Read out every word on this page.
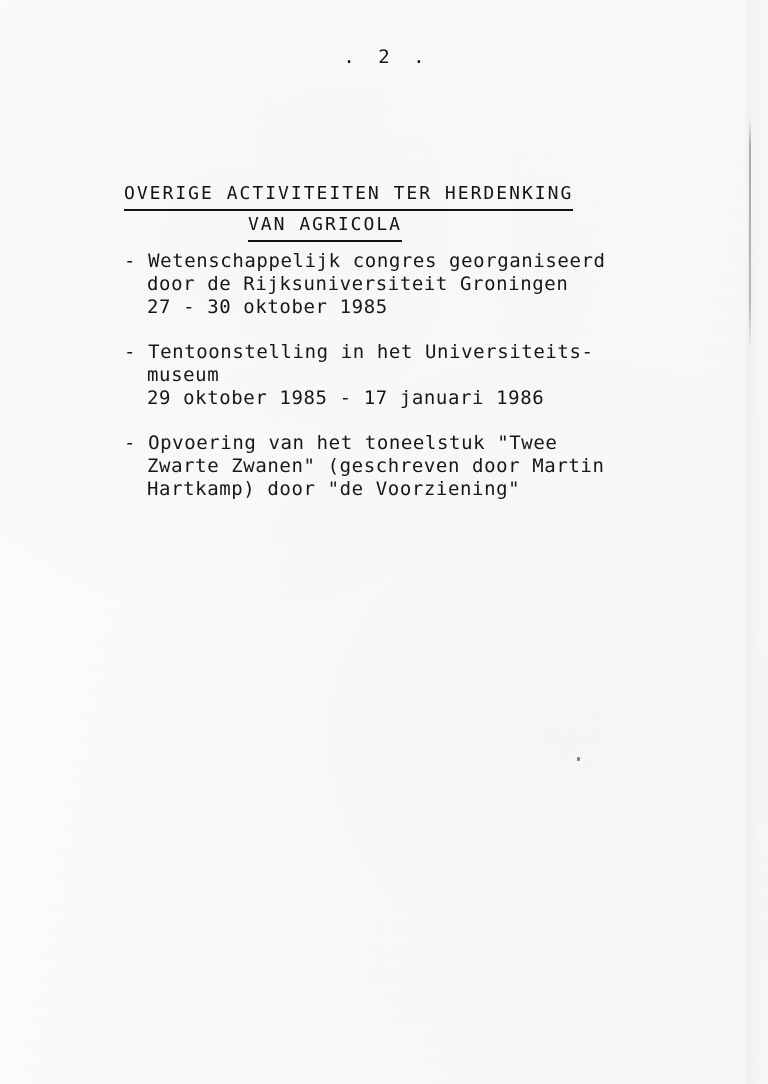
. 2 .
OVERIGE ACTIVITEITEN TER HERDENKING
VAN AGRICOLA
- Wetenschappelijk congres georganiseerd
door de Rijksuniversiteit Groningen
27 - 30 oktober 1985
- Tentoonstelling in het Universiteits-
museum
29 oktober 1985 - 17 januari 1986
- Opvoering van het toneelstuk "Twee
Zwarte Zwanen" (geschreven door Martin
Hartkamp) door "de Voorziening"
